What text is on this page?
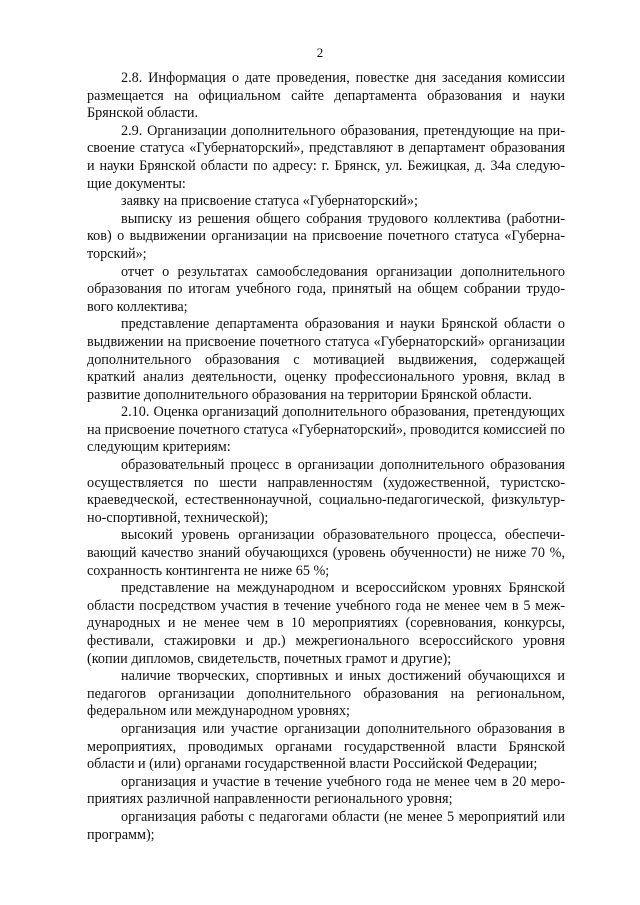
2

2.8. Информация о дате проведения, повестке дня заседания комиссии размещается на официальном сайте департамента образования и науки Брянской области.

2.9. Организации дополнительного образования, претендующие на присвоение статуса «Губернаторский», представляют в департамент образования и науки Брянской области по адресу: г. Брянск, ул. Бежицкая, д. 34а следующие документы:

заявку на присвоение статуса «Губернаторский»;

выписку из решения общего собрания трудового коллектива (работников) о выдвижении организации на присвоение почетного статуса «Губернаторский»;

отчет о результатах самообследования организации дополнительного образования по итогам учебного года, принятый на общем собрании трудового коллектива;

представление департамента образования и науки Брянской области о выдвижении на присвоение почетного статуса «Губернаторский» организации дополнительного образования с мотивацией выдвижения, содержащей краткий анализ деятельности, оценку профессионального уровня, вклад в развитие дополнительного образования на территории Брянской области.

2.10. Оценка организаций дополнительного образования, претендующих на присвоение почетного статуса «Губернаторский», проводится комиссией по следующим критериям:

образовательный процесс в организации дополнительного образования осуществляется по шести направленностям (художественной, туристскокраеведческой, естественнонаучной, социально-педагогической, физкультурно-спортивной, технической);

высокий уровень организации образовательного процесса, обеспечивающий качество знаний обучающихся (уровень обученности) не ниже 70 %, сохранность контингента не ниже 65 %;

представление на международном и всероссийском уровнях Брянской области посредством участия в течение учебного года не менее чем в 5 международных и не менее чем в 10 мероприятиях (соревнования, конкурсы, фестивали, стажировки и др.) межрегионального всероссийского уровня (копии дипломов, свидетельств, почетных грамот и другие);

наличие творческих, спортивных и иных достижений обучающихся и педагогов организации дополнительного образования на региональном, федеральном или международном уровнях;

организация или участие организации дополнительного образования в мероприятиях, проводимых органами государственной власти Брянской области и (или) органами государственной власти Российской Федерации;

организация и участие в течение учебного года не менее чем в 20 мероприятиях различной направленности регионального уровня;

организация работы с педагогами области (не менее 5 мероприятий или программ);
